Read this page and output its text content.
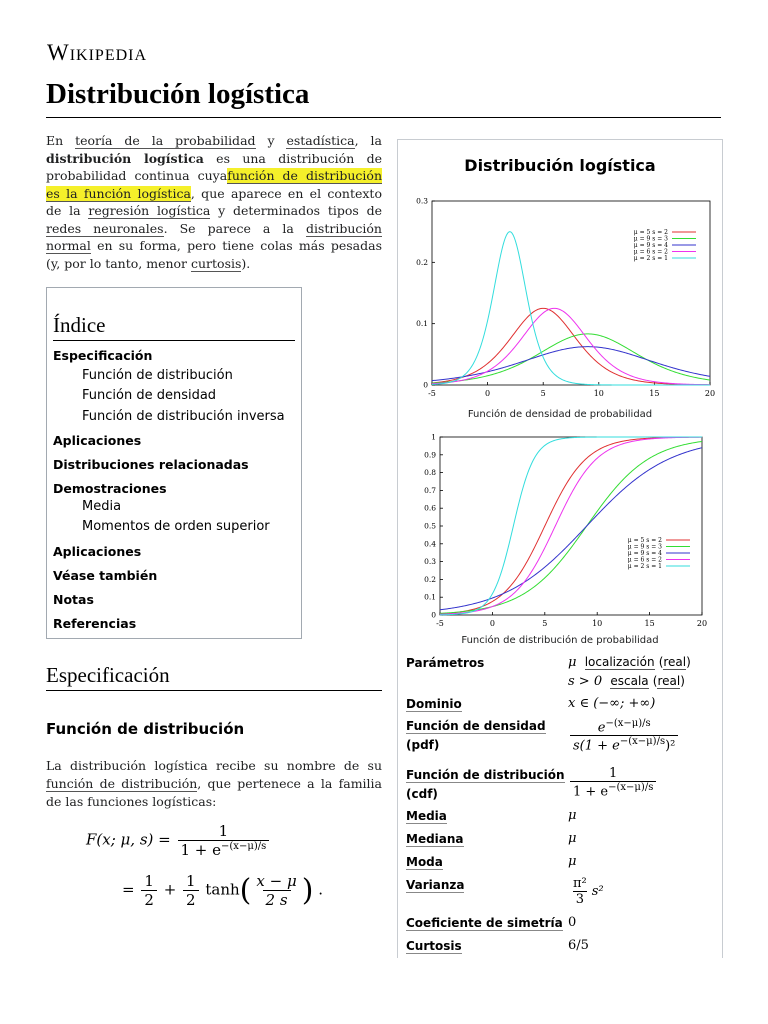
Wikipedia
Distribución logística
En teoría de la probabilidad y estadística, la distribución logística es una distribución de probabilidad continua cuyafunción de distribución es la función logística, que aparece en el contexto de la regresión logística y determinados tipos de redes neuronales. Se parece a la distribución normal en su forma, pero tiene colas más pesadas (y, por lo tanto, menor curtosis).
Índice
Especificación
Función de distribución
Función de densidad
Función de distribución inversa
Aplicaciones
Distribuciones relacionadas
Demostraciones
Media
Momentos de orden superior
Aplicaciones
Véase también
Notas
Referencias
Especificación
Función de distribución
La distribución logística recibe su nombre de su función de distribución, que pertenece a la familia de las funciones logísticas:
F(x; μ, $s) = \frac{1}{1 + e^{-(x-\mu)/s}}$
= $\frac{1}{2} + \frac{1}{2} \tanh( \frac{x - \mu}{2 s}$ ) .
Distribución logística
-5	0	5	10	15	20
0
0.1
0.2
0.3
μ = 5 s = 2
μ = 9 s = 3
μ = 9 s = 4
μ = 6 s = 2
μ = 2 s = 1
Función de densidad de probabilidad
-5	0	5	10	15	20
0
0.1
0.2
0.3
0.4
0.5
0.6
0.7
0.8
0.9
1
μ = 5 s = 2
μ = 9 s = 3
μ = 9 s = 4
μ = 6 s = 2
μ = 2 s = 1
Función de distribución de probabilidad
Parámetros	μ localización (real)
s > 0 escala (real)
Dominio	x ∈ (−∞; +∞)
Función de densidad
(pdf)	$\frac{e^{-(x-\mu)/s}}{s(1 + e^{-(x-\mu)/s})^2}$
Función de distribución
(cdf)	$\frac{1}{1 + e^{-(x-\mu)/s}}$
Media	μ
Mediana	μ
Moda	μ
Varianza	$\frac{\text{π²}}{3} s^2$
Coeficiente de simetría 0
Curtosis	6/5
